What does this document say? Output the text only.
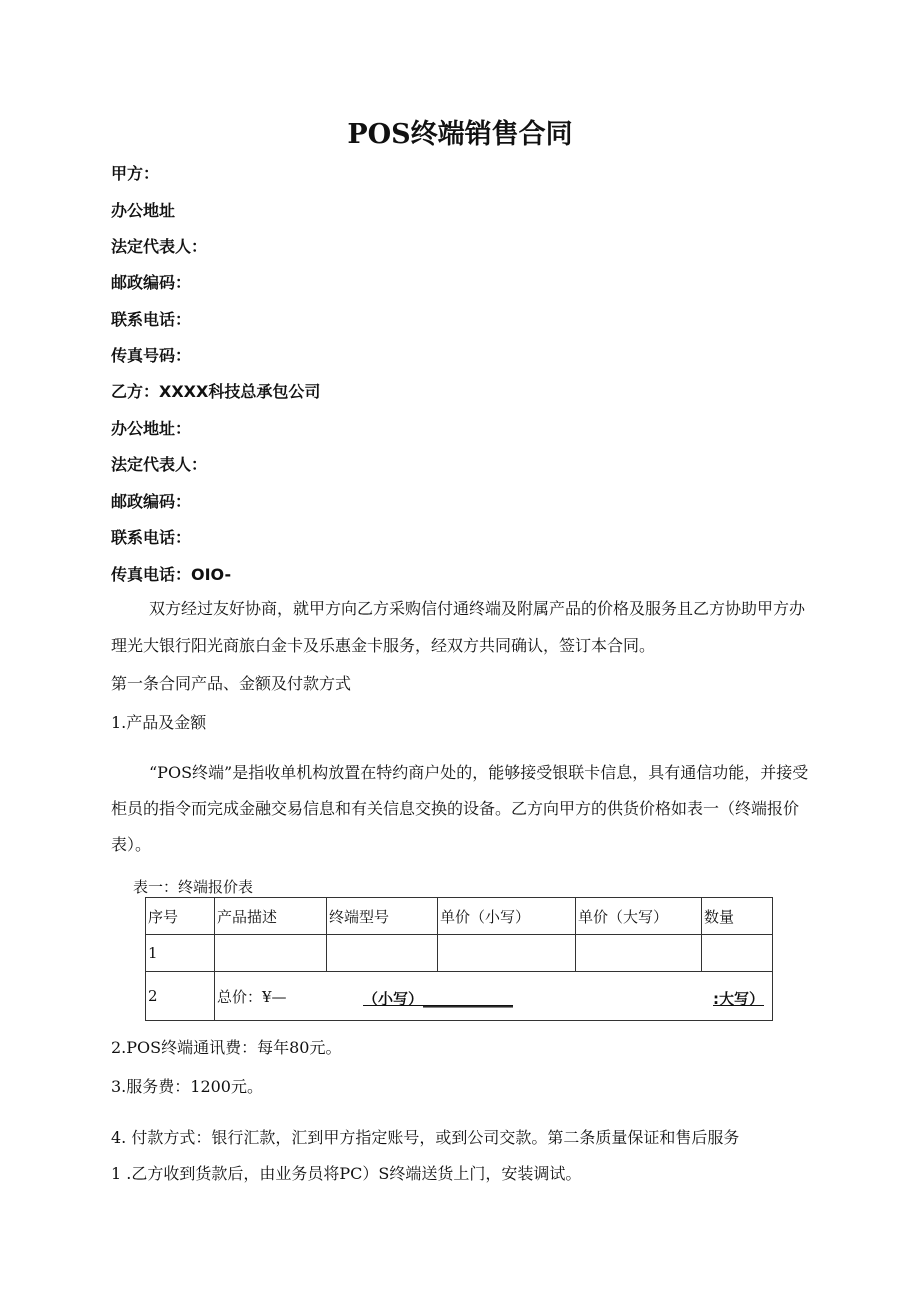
POS终端销售合同
甲方：
办公地址
法定代表人：
邮政编码：
联系电话：
传真号码：
乙方：XXXX科技总承包公司
办公地址：
法定代表人：
邮政编码：
联系电话：
传真电话：OIO-
双方经过友好协商，就甲方向乙方采购信付通终端及附属产品的价格及服务且乙方协助甲方办理光大银行阳光商旅白金卡及乐惠金卡服务，经双方共同确认，签订本合同。
第一条合同产品、金额及付款方式
1.产品及金额
“POS终端”是指收单机构放置在特约商户处的，能够接受银联卡信息，具有通信功能，并接受柜员的指令而完成金融交易信息和有关信息交换的设备。乙方向甲方的供货价格如表一（终端报价表）。
表一：终端报价表
序号	产品描述	终端型号	单价（小写）	单价（大写）	数量
1					
2	总价：¥— （小写）____________ :大写）				
2.POS终端通讯费：每年80元。
3.服务费：1200元。
4. 付款方式：银行汇款，汇到甲方指定账号，或到公司交款。第二条质量保证和售后服务
1 .乙方收到货款后，由业务员将PC）S终端送货上门，安装调试。
